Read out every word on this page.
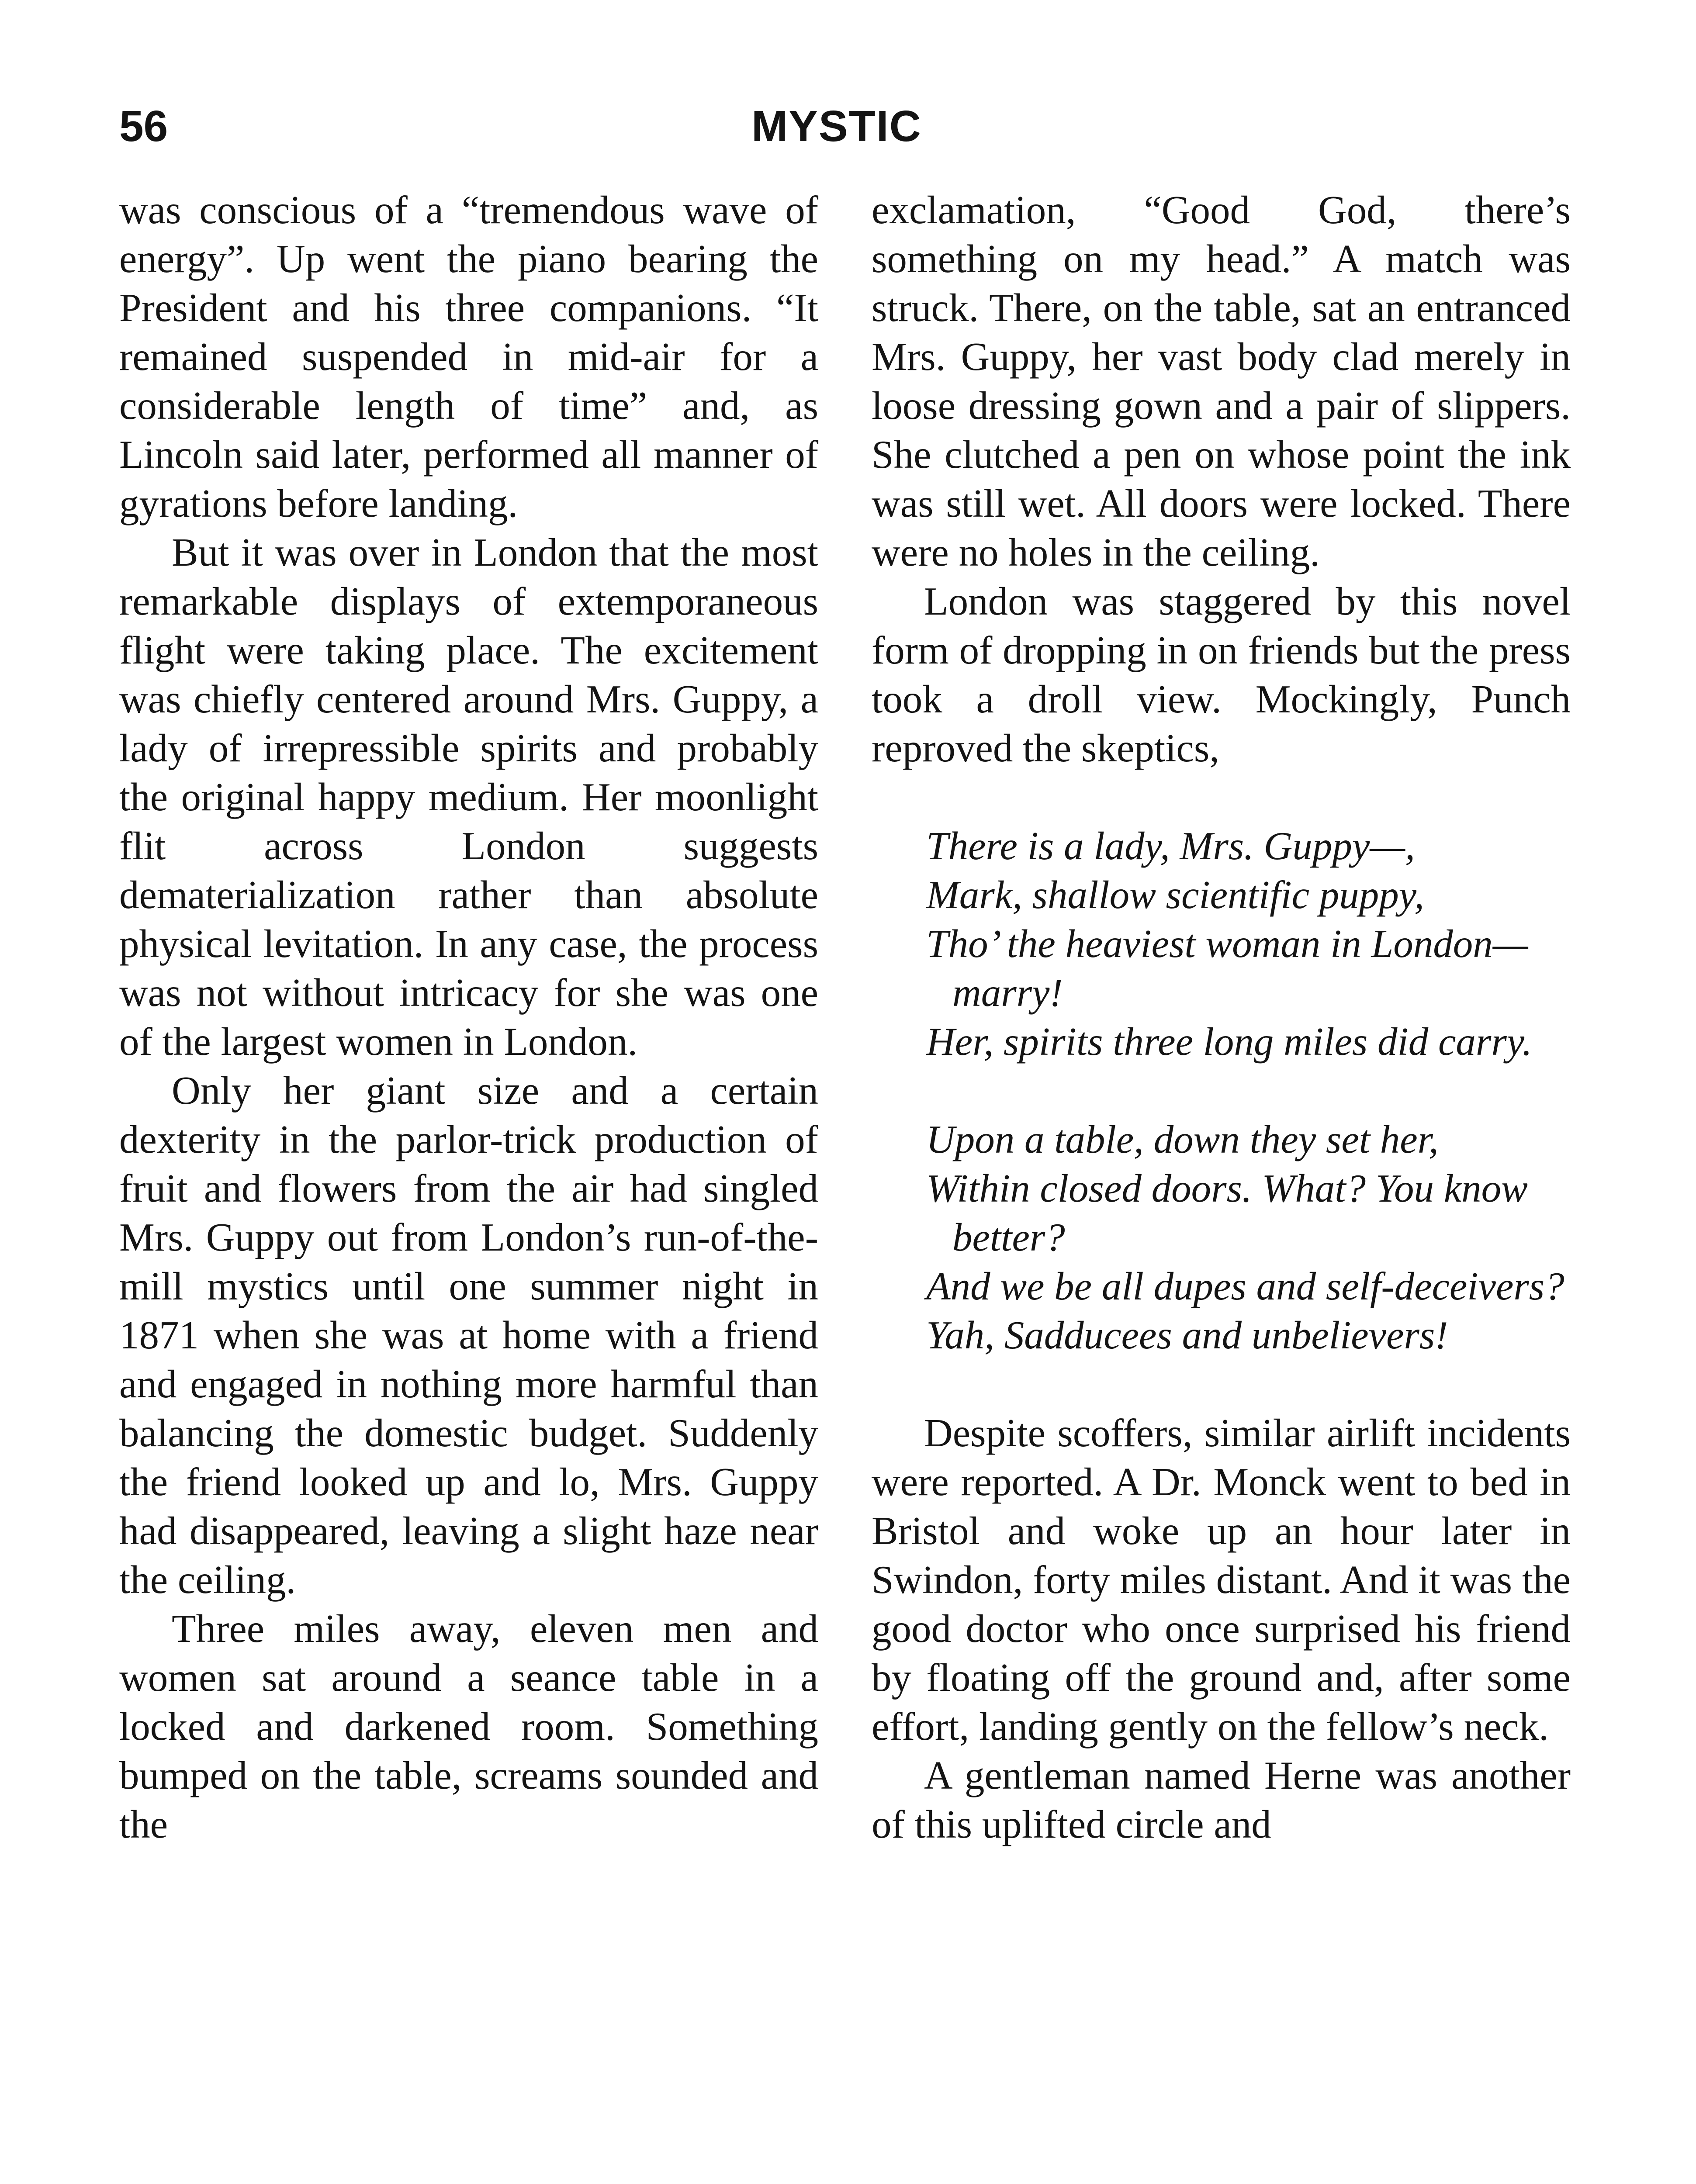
56	MYSTIC

was conscious of a “tremendous wave of energy”. Up went the piano bearing the President and his three companions. “It remained suspended in mid-air for a considerable length of time” and, as Lincoln said later, performed all manner of gyrations before landing.

But it was over in London that the most remarkable displays of extemporaneous flight were taking place. The excitement was chiefly centered around Mrs. Guppy, a lady of irrepressible spirits and probably the original happy medium. Her moonlight flit across London suggests dematerialization rather than absolute physical levitation. In any case, the process was not without intricacy for she was one of the largest women in London.

Only her giant size and a certain dexterity in the parlor-trick production of fruit and flowers from the air had singled Mrs. Guppy out from London’s run-of-the-mill mystics until one summer night in 1871 when she was at home with a friend and engaged in nothing more harmful than balancing the domestic budget. Suddenly the friend looked up and lo, Mrs. Guppy had disappeared, leaving a slight haze near the ceiling.

Three miles away, eleven men and women sat around a seance table in a locked and darkened room. Something bumped on the table, screams sounded and the

exclamation, “Good God, there’s something on my head.” A match was struck. There, on the table, sat an entranced Mrs. Guppy, her vast body clad merely in loose dressing gown and a pair of slippers. She clutched a pen on whose point the ink was still wet. All doors were locked. There were no holes in the ceiling.

London was staggered by this novel form of dropping in on friends but the press took a droll view. Mockingly, Punch reproved the skeptics,

There is a lady, Mrs. Guppy—,
Mark, shallow scientific puppy,
Tho’ the heaviest woman in London—marry!
Her, spirits three long miles did carry.
Upon a table, down they set her,
Within closed doors. What? You know better?
And we be all dupes and self-deceivers?
Yah, Sadducees and unbelievers!

Despite scoffers, similar airlift incidents were reported. A Dr. Monck went to bed in Bristol and woke up an hour later in Swindon, forty miles distant. And it was the good doctor who once surprised his friend by floating off the ground and, after some effort, landing gently on the fellow’s neck.

A gentleman named Herne was another of this uplifted circle and
